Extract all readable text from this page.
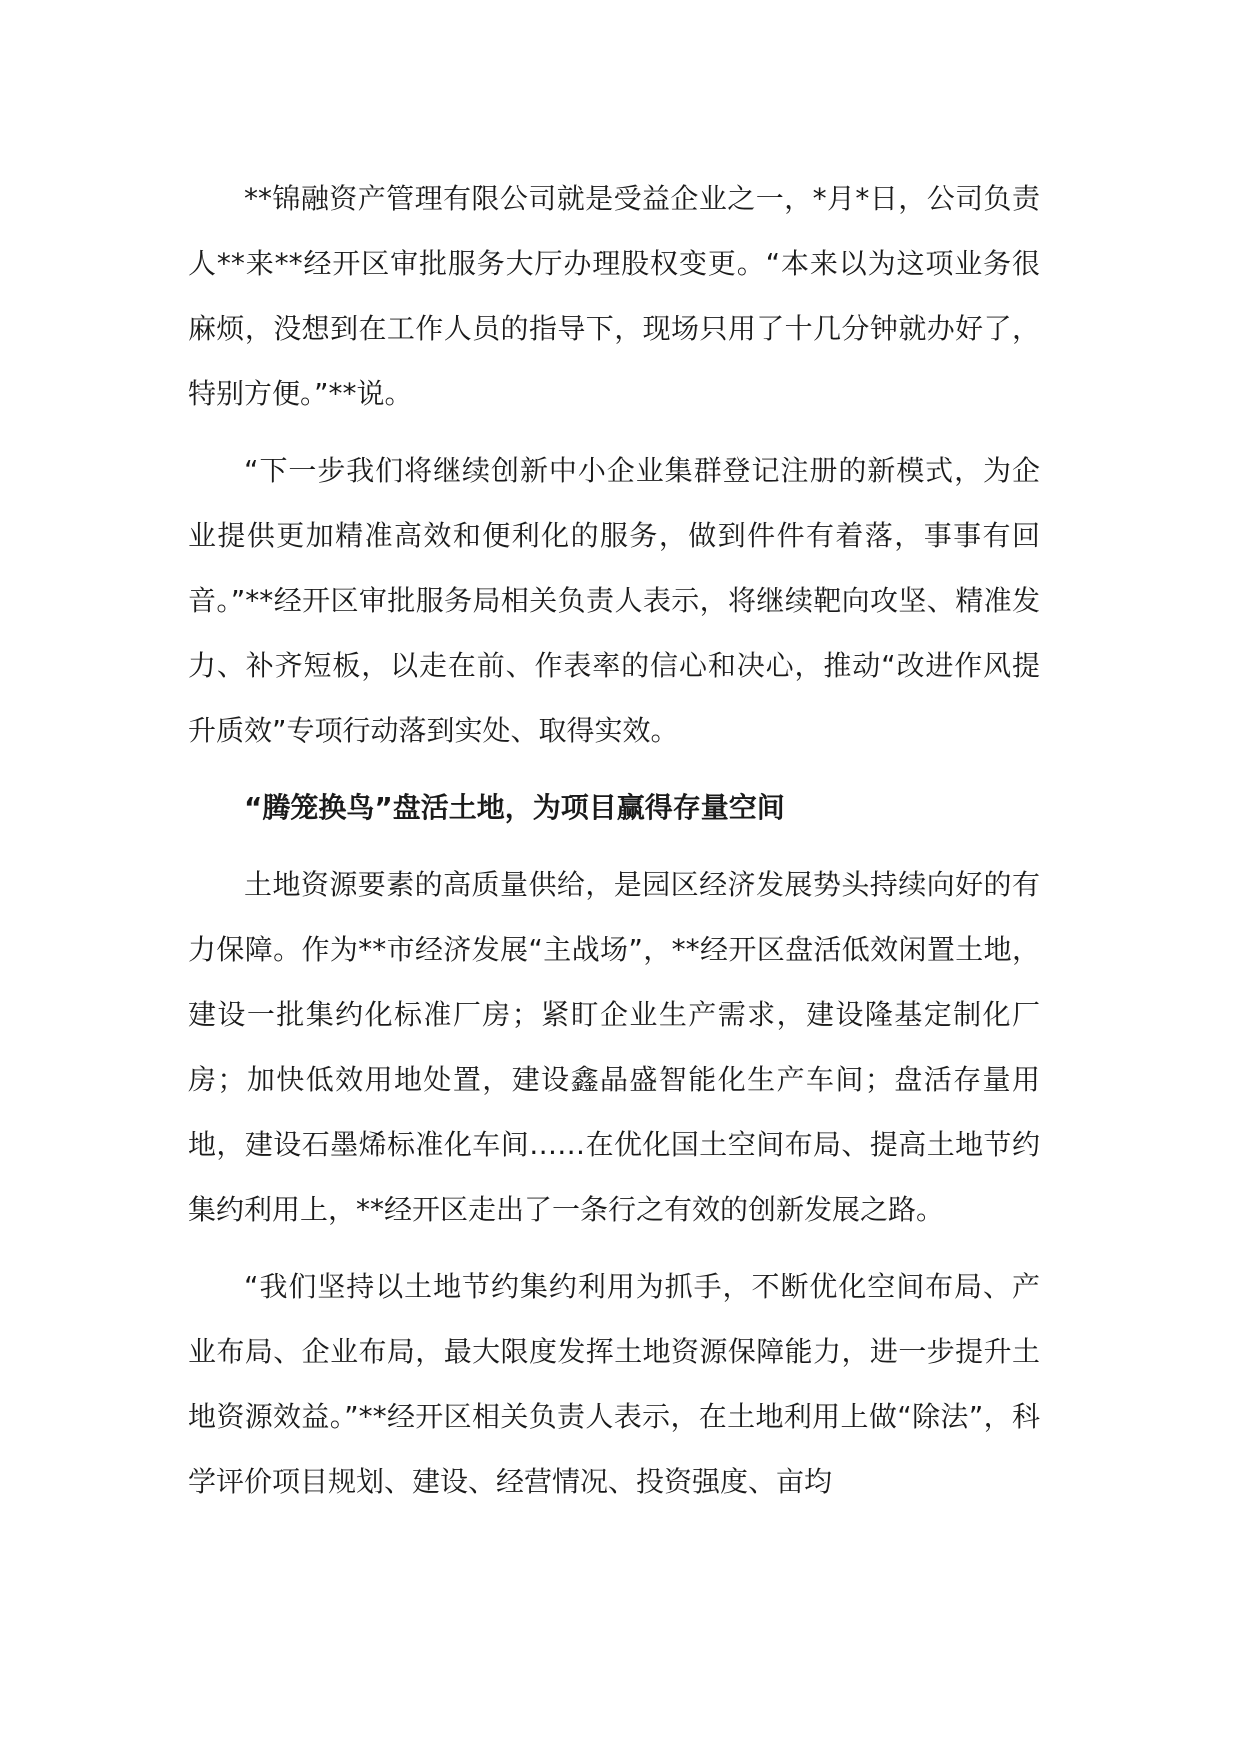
**锦融资产管理有限公司就是受益企业之一，*月*日，公司负责人**来**经开区审批服务大厅办理股权变更。“本来以为这项业务很麻烦，没想到在工作人员的指导下，现场只用了十几分钟就办好了，特别方便。”**说。

“下一步我们将继续创新中小企业集群登记注册的新模式，为企业提供更加精准高效和便利化的服务，做到件件有着落，事事有回音。”**经开区审批服务局相关负责人表示，将继续靶向攻坚、精准发力、补齐短板，以走在前、作表率的信心和决心，推动“改进作风提升质效”专项行动落到实处、取得实效。

“腾笼换鸟”盘活土地，为项目赢得存量空间

土地资源要素的高质量供给，是园区经济发展势头持续向好的有力保障。作为**市经济发展“主战场”，**经开区盘活低效闲置土地，建设一批集约化标准厂房；紧盯企业生产需求，建设隆基定制化厂房；加快低效用地处置，建设鑫晶盛智能化生产车间；盘活存量用地，建设石墨烯标准化车间……在优化国土空间布局、提高土地节约集约利用上，**经开区走出了一条行之有效的创新发展之路。

“我们坚持以土地节约集约利用为抓手，不断优化空间布局、产业布局、企业布局，最大限度发挥土地资源保障能力，进一步提升土地资源效益。”**经开区相关负责人表示，在土地利用上做“除法”，科学评价项目规划、建设、经营情况、投资强度、亩均
